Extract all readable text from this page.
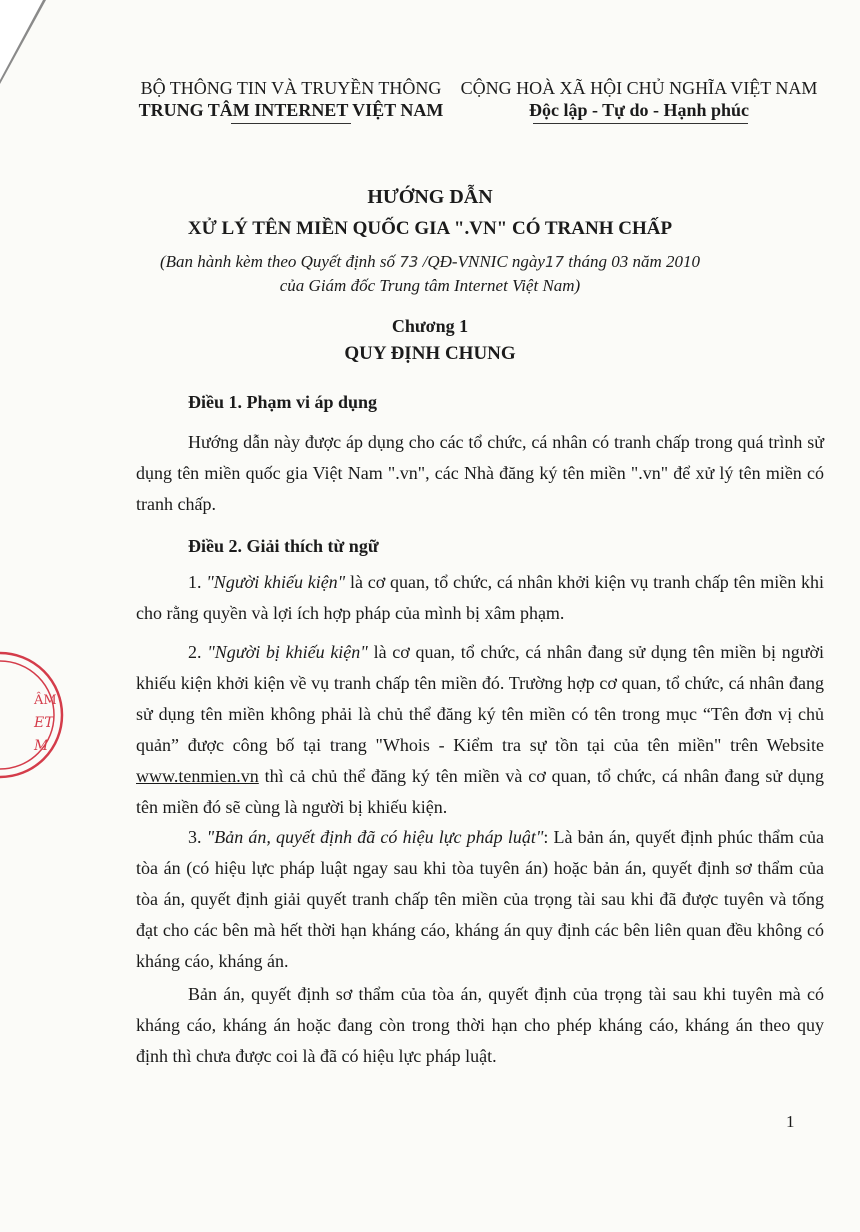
BỘ THÔNG TIN VÀ TRUYỀN THÔNG
TRUNG TÂM INTERNET VIỆT NAM
CỘNG HOÀ XÃ HỘI CHỦ NGHĨA VIỆT NAM
Độc lập - Tự do - Hạnh phúc
HƯỚNG DẪN
XỬ LÝ TÊN MIỀN QUỐC GIA ".VN" CÓ TRANH CHẤP
(Ban hành kèm theo Quyết định số 73 /QĐ-VNNIC ngày17 tháng 03 năm 2010
của Giám đốc Trung tâm Internet Việt Nam)
Chương 1
QUY ĐỊNH CHUNG
Điều 1. Phạm vi áp dụng
Hướng dẫn này được áp dụng cho các tổ chức, cá nhân có tranh chấp trong quá trình sử dụng tên miền quốc gia Việt Nam ".vn", các Nhà đăng ký tên miền ".vn" để xử lý tên miền có tranh chấp.
Điều 2. Giải thích từ ngữ
1. "Người khiếu kiện" là cơ quan, tổ chức, cá nhân khởi kiện vụ tranh chấp tên miền khi cho rằng quyền và lợi ích hợp pháp của mình bị xâm phạm.
2. "Người bị khiếu kiện" là cơ quan, tổ chức, cá nhân đang sử dụng tên miền bị người khiếu kiện khởi kiện về vụ tranh chấp tên miền đó. Trường hợp cơ quan, tổ chức, cá nhân đang sử dụng tên miền không phải là chủ thể đăng ký tên miền có tên trong mục “Tên đơn vị chủ quản” được công bố tại trang "Whois - Kiểm tra sự tồn tại của tên miền" trên Website www.tenmien.vn thì cả chủ thể đăng ký tên miền và cơ quan, tổ chức, cá nhân đang sử dụng tên miền đó sẽ cùng là người bị khiếu kiện.
3. "Bản án, quyết định đã có hiệu lực pháp luật": Là bản án, quyết định phúc thẩm của tòa án (có hiệu lực pháp luật ngay sau khi tòa tuyên án) hoặc bản án, quyết định sơ thẩm của tòa án, quyết định giải quyết tranh chấp tên miền của trọng tài sau khi đã được tuyên và tống đạt cho các bên mà hết thời hạn kháng cáo, kháng án quy định các bên liên quan đều không có kháng cáo, kháng án.
Bản án, quyết định sơ thẩm của tòa án, quyết định của trọng tài sau khi tuyên mà có kháng cáo, kháng án hoặc đang còn trong thời hạn cho phép kháng cáo, kháng án theo quy định thì chưa được coi là đã có hiệu lực pháp luật.
1
ÂM
ET
M
